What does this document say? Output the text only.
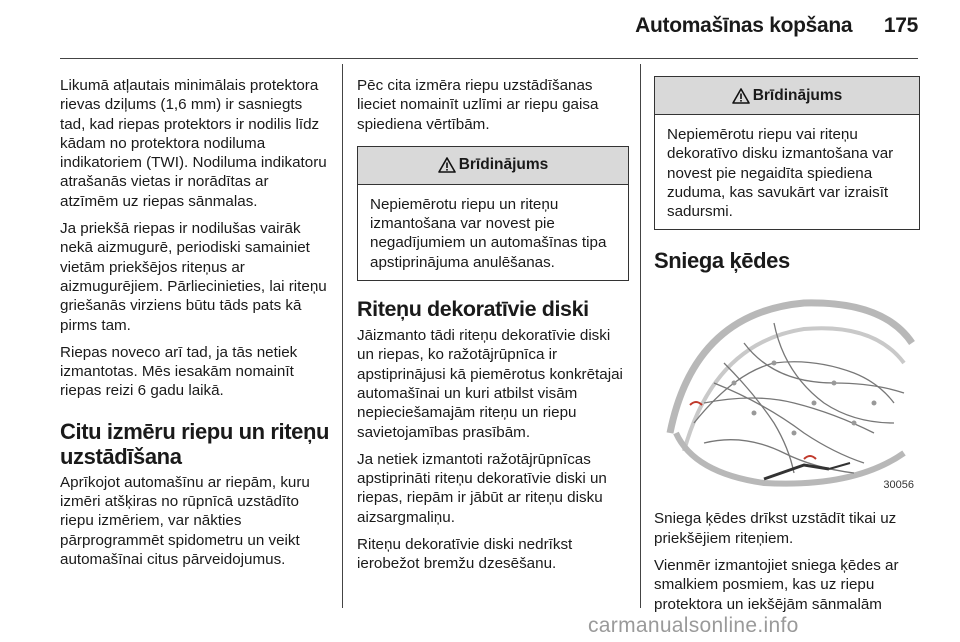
Automašīnas kopšana 175

Likumā atļautais minimālais protektora rievas dziļums (1,6 mm) ir sasniegts tad, kad riepas protektors ir nodilis līdz kādam no protektora nodiluma indikatoriem (TWI). Nodiluma indikatoru atrašanās vietas ir norādītas ar atzīmēm uz riepas sānmalas.

Ja priekšā riepas ir nodilušas vairāk nekā aizmugurē, periodiski samainiet vietām priekšējos riteņus ar aizmugurējiem. Pārliecinieties, lai riteņu griešanās virziens būtu tāds pats kā pirms tam.

Riepas noveco arī tad, ja tās netiek izmantotas. Mēs iesakām nomainīt riepas reizi 6 gadu laikā.

Citu izmēru riepu un riteņu uzstādīšana

Aprīkojot automašīnu ar riepām, kuru izmēri atšķiras no rūpnīcā uzstādīto riepu izmēriem, var nākties pārprogrammēt spidometru un veikt automašīnai citus pārveidojumus.

Pēc cita izmēra riepu uzstādīšanas lieciet nomainīt uzlīmi ar riepu gaisa spiediena vērtībām.

Brīdinājums

Nepiemērotu riepu un riteņu izmantošana var novest pie negadījumiem un automašīnas tipa apstiprinājuma anulēšanas.

Riteņu dekoratīvie diski

Jāizmanto tādi riteņu dekoratīvie diski un riepas, ko ražotājrūpnīca ir apstiprinājusi kā piemērotus konkrētajai automašīnai un kuri atbilst visām nepieciešamajām riteņu un riepu savietojamības prasībām.

Ja netiek izmantoti ražotājrūpnīcas apstiprināti riteņu dekoratīvie diski un riepas, riepām ir jābūt ar riteņu disku aizsargmaliņu.

Riteņu dekoratīvie diski nedrīkst ierobežot bremžu dzesēšanu.

Brīdinājums

Nepiemērotu riepu vai riteņu dekoratīvo disku izmantošana var novest pie negaidīta spiediena zuduma, kas savukārt var izraisīt sadursmi.

Sniega ķēdes
30056

Sniega ķēdes drīkst uzstādīt tikai uz priekšējiem riteņiem.

Vienmēr izmantojiet sniega ķēdes ar smalkiem posmiem, kas uz riepu protektora un iekšējām sānmalām

carmanualsonline.info
